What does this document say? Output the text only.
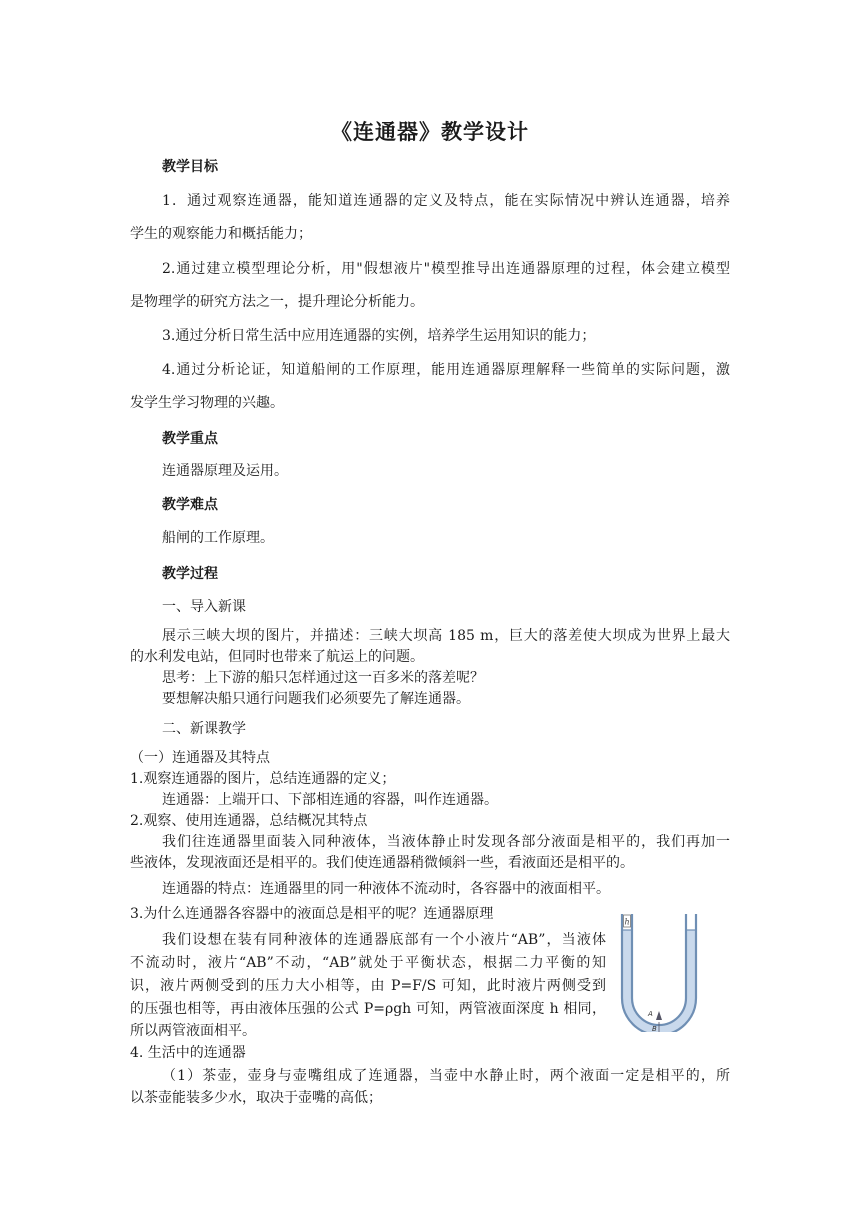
《连通器》教学设计
教学目标
1．通过观察连通器，能知道连通器的定义及特点，能在实际情况中辨认连通器，培养
学生的观察能力和概括能力；
2.通过建立模型理论分析，用"假想液片"模型推导出连通器原理的过程，体会建立模型
是物理学的研究方法之一，提升理论分析能力。
3.通过分析日常生活中应用连通器的实例，培养学生运用知识的能力；
4.通过分析论证，知道船闸的工作原理，能用连通器原理解释一些简单的实际问题，激
发学生学习物理的兴趣。
教学重点
连通器原理及运用。
教学难点
船闸的工作原理。
教学过程
一、导入新课
展示三峡大坝的图片，并描述：三峡大坝高 185 m，巨大的落差使大坝成为世界上最大
的水利发电站，但同时也带来了航运上的问题。
思考：上下游的船只怎样通过这一百多米的落差呢？
要想解决船只通行问题我们必须要先了解连通器。
二、新课教学
（一）连通器及其特点
1.观察连通器的图片，总结连通器的定义；
连通器：上端开口、下部相连通的容器，叫作连通器。
2.观察、使用连通器，总结概况其特点
我们往连通器里面装入同种液体，当液体静止时发现各部分液面是相平的，我们再加一
些液体，发现液面还是相平的。我们使连通器稍微倾斜一些，看液面还是相平的。
连通器的特点：连通器里的同一种液体不流动时，各容器中的液面相平。
3.为什么连通器各容器中的液面总是相平的呢？连通器原理
我们设想在装有同种液体的连通器底部有一个小液片“AB”，当液体
不流动时，液片“AB”不动，“AB”就处于平衡状态，根据二力平衡的知
识，液片两侧受到的压力大小相等，由 P=F/S 可知，此时液片两侧受到
的压强也相等，再由液体压强的公式 P=ρgh 可知，两管液面深度 h 相同，
所以两管液面相平。
4. 生活中的连通器
（1）茶壶，壶身与壶嘴组成了连通器，当壶中水静止时，两个液面一定是相平的，所
以茶壶能装多少水，取决于壶嘴的高低；
h
A
B
